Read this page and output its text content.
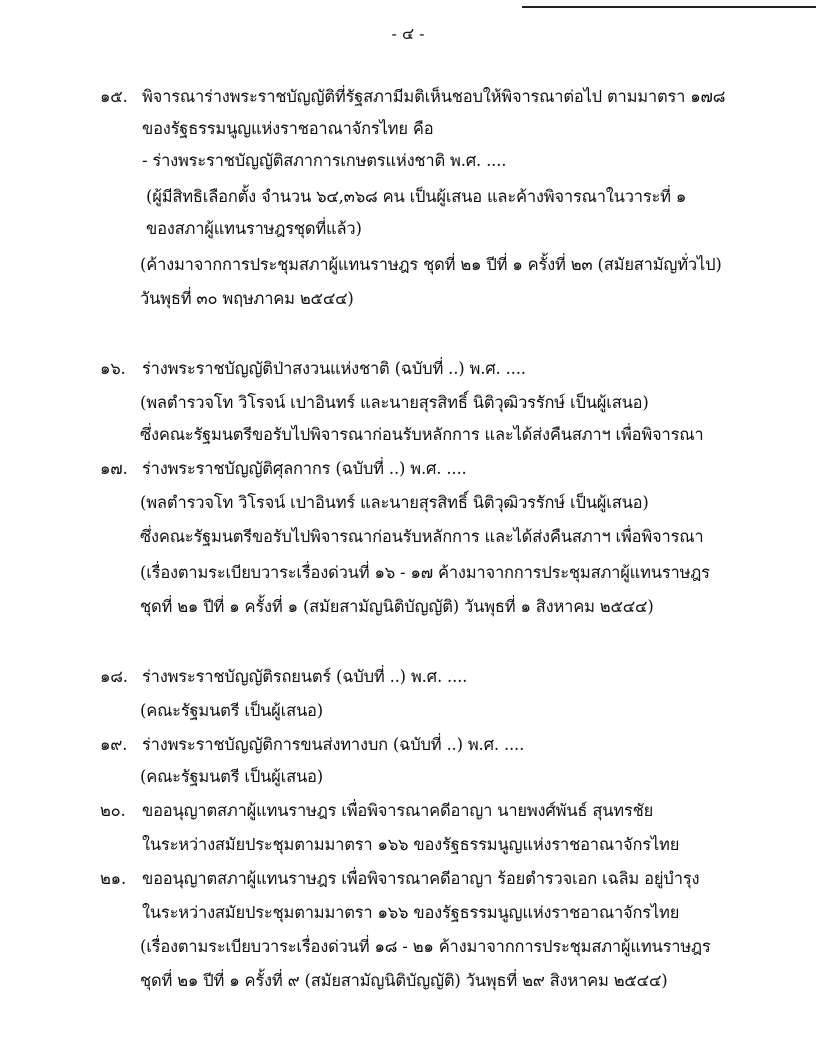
- ๔ -
๑๕. พิจารณาร่างพระราชบัญญัติที่รัฐสภามีมติเห็นชอบให้พิจารณาต่อไป ตามมาตรา ๑๗๘
ของรัฐธรรมนูญแห่งราชอาณาจักรไทย คือ
- ร่างพระราชบัญญัติสภาการเกษตรแห่งชาติ พ.ศ. ....
(ผู้มีสิทธิเลือกตั้ง จำนวน ๖๔,๓๖๘ คน เป็นผู้เสนอ และค้างพิจารณาในวาระที่ ๑
ของสภาผู้แทนราษฎรชุดที่แล้ว)
(ค้างมาจากการประชุมสภาผู้แทนราษฎร ชุดที่ ๒๑ ปีที่ ๑ ครั้งที่ ๒๓ (สมัยสามัญทั่วไป)
วันพุธที่ ๓๐ พฤษภาคม ๒๕๔๔)
๑๖. ร่างพระราชบัญญัติป่าสงวนแห่งชาติ (ฉบับที่ ..) พ.ศ. ....
(พลตำรวจโท วิโรจน์ เปาอินทร์ และนายสุรสิทธิ์ นิติวุฒิวรรักษ์ เป็นผู้เสนอ)
ซึ่งคณะรัฐมนตรีขอรับไปพิจารณาก่อนรับหลักการ และได้ส่งคืนสภาฯ เพื่อพิจารณา
๑๗. ร่างพระราชบัญญัติศุลกากร (ฉบับที่ ..) พ.ศ. ....
(พลตำรวจโท วิโรจน์ เปาอินทร์ และนายสุรสิทธิ์ นิติวุฒิวรรักษ์ เป็นผู้เสนอ)
ซึ่งคณะรัฐมนตรีขอรับไปพิจารณาก่อนรับหลักการ และได้ส่งคืนสภาฯ เพื่อพิจารณา
(เรื่องตามระเบียบวาระเรื่องด่วนที่ ๑๖ - ๑๗ ค้างมาจากการประชุมสภาผู้แทนราษฎร
ชุดที่ ๒๑ ปีที่ ๑ ครั้งที่ ๑ (สมัยสามัญนิติบัญญัติ) วันพุธที่ ๑ สิงหาคม ๒๕๔๔)
๑๘. ร่างพระราชบัญญัติรถยนตร์ (ฉบับที่ ..) พ.ศ. ....
(คณะรัฐมนตรี เป็นผู้เสนอ)
๑๙. ร่างพระราชบัญญัติการขนส่งทางบก (ฉบับที่ ..) พ.ศ. ....
(คณะรัฐมนตรี เป็นผู้เสนอ)
๒๐. ขออนุญาตสภาผู้แทนราษฎร เพื่อพิจารณาคดีอาญา นายพงศ์พันธ์ สุนทรชัย
ในระหว่างสมัยประชุมตามมาตรา ๑๖๖ ของรัฐธรรมนูญแห่งราชอาณาจักรไทย
๒๑. ขออนุญาตสภาผู้แทนราษฎร เพื่อพิจารณาคดีอาญา ร้อยตำรวจเอก เฉลิม อยู่บำรุง
ในระหว่างสมัยประชุมตามมาตรา ๑๖๖ ของรัฐธรรมนูญแห่งราชอาณาจักรไทย
(เรื่องตามระเบียบวาระเรื่องด่วนที่ ๑๘ - ๒๑ ค้างมาจากการประชุมสภาผู้แทนราษฎร
ชุดที่ ๒๑ ปีที่ ๑ ครั้งที่ ๙ (สมัยสามัญนิติบัญญัติ) วันพุธที่ ๒๙ สิงหาคม ๒๕๔๔)
